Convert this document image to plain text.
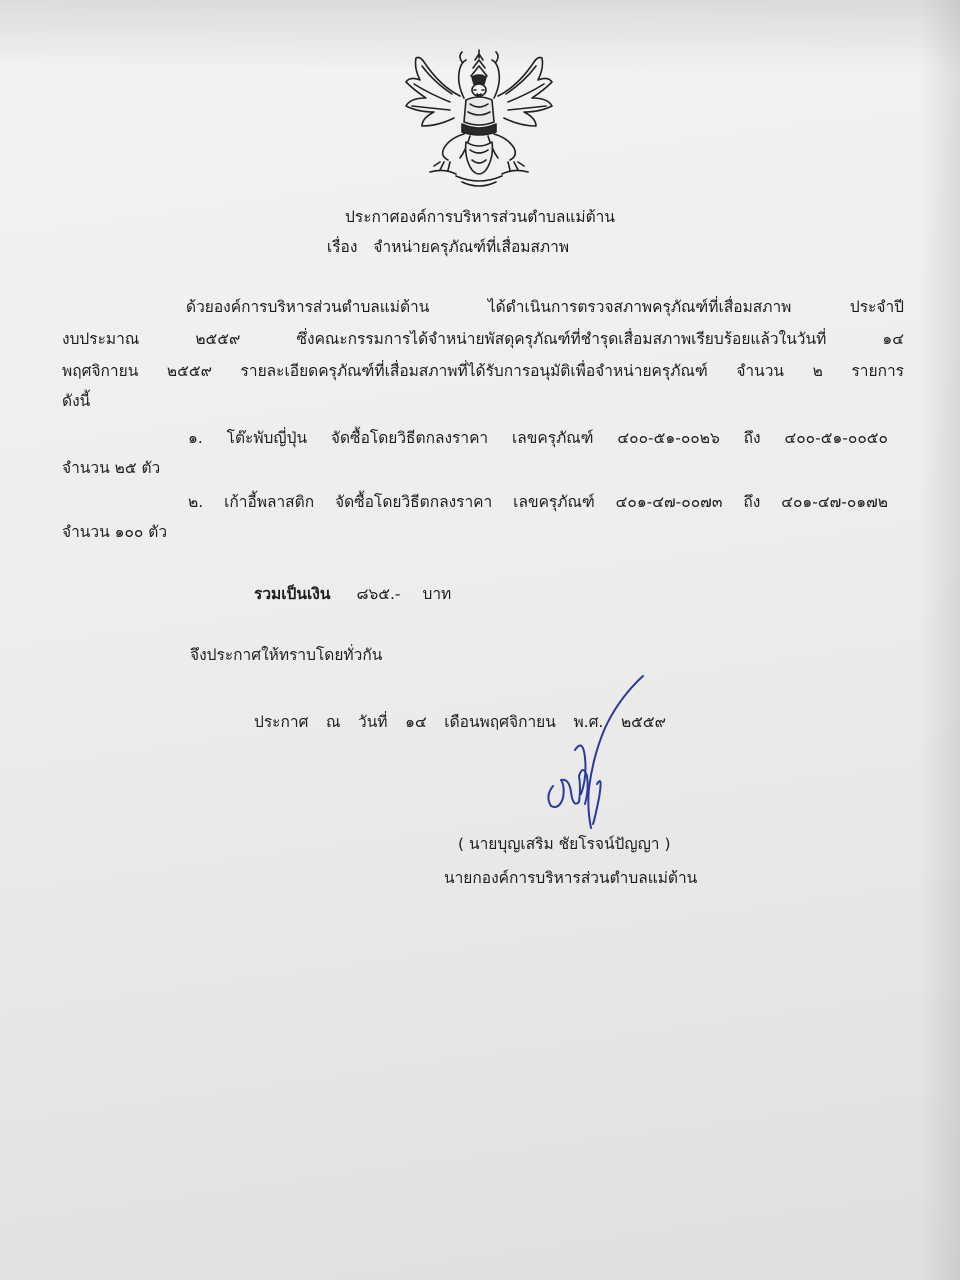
ประกาศองค์การบริหารส่วนตำบลแม่ต้าน
เรื่อง จำหน่ายครุภัณฑ์ที่เสื่อมสภาพ
ด้วยองค์การบริหารส่วนตำบลแม่ต้าน ได้ดำเนินการตรวจสภาพครุภัณฑ์ที่เสื่อมสภาพ ประจำปี
งบประมาณ ๒๕๕๙ ซึ่งคณะกรรมการได้จำหน่ายพัสดุครุภัณฑ์ที่ชำรุดเสื่อมสภาพเรียบร้อยแล้วในวันที่ ๑๔
พฤศจิกายน ๒๕๕๙ รายละเอียดครุภัณฑ์ที่เสื่อมสภาพที่ได้รับการอนุมัติเพื่อจำหน่ายครุภัณฑ์ จำนวน ๒ รายการ
ดังนี้
๑. โต๊ะพับญี่ปุ่น จัดซื้อโดยวิธีตกลงราคา เลขครุภัณฑ์ ๔๐๐-๕๑-๐๐๒๖ ถึง ๔๐๐-๕๑-๐๐๕๐
จำนวน ๒๕ ตัว
๒. เก้าอี้พลาสติก จัดซื้อโดยวิธีตกลงราคา เลขครุภัณฑ์ ๔๐๑-๔๗-๐๐๗๓ ถึง ๔๐๑-๔๗-๐๑๗๒
จำนวน ๑๐๐ ตัว
รวมเป็นเงิน ๘๖๕.- บาท
จึงประกาศให้ทราบโดยทั่วกัน
ประกาศ ณ วันที่ ๑๔ เดือนพฤศจิกายน พ.ศ. ๒๕๕๙
( นายบุญเสริม ชัยโรจน์ปัญญา )
นายกองค์การบริหารส่วนตำบลแม่ต้าน
